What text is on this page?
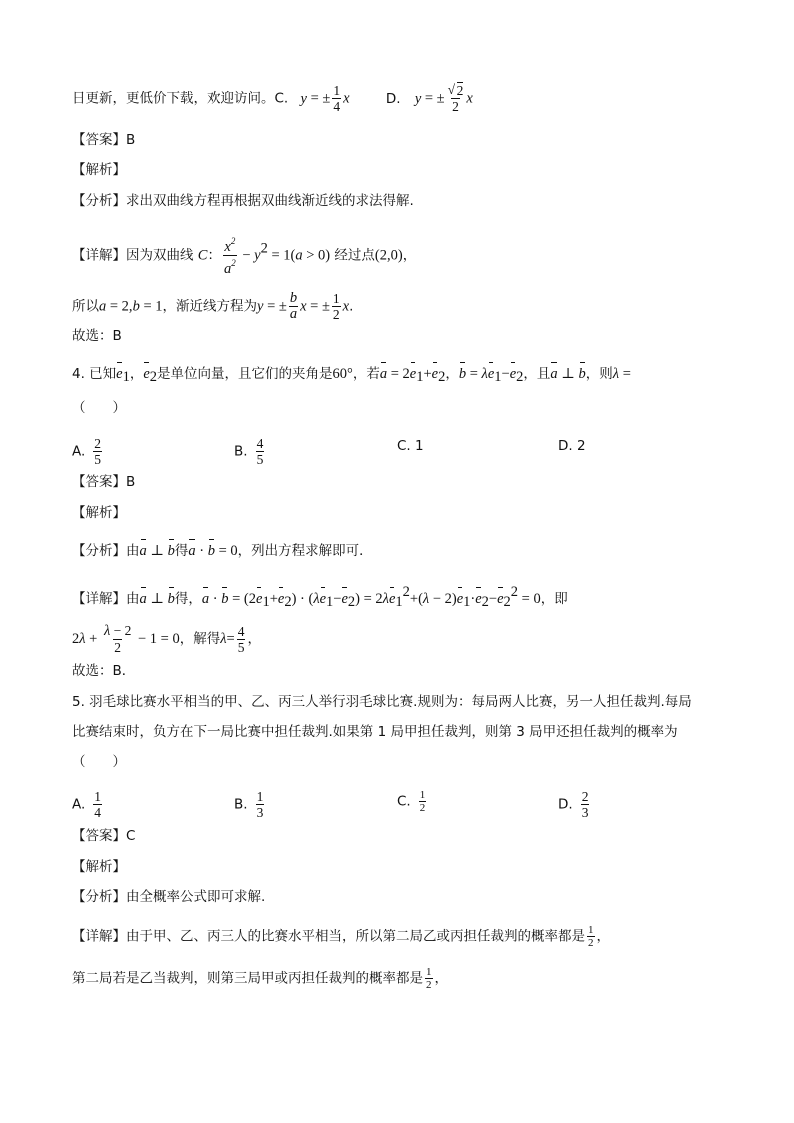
日更新，更低价下载，欢迎访问。C. y = ± $\frac{1}{4}$ x	D. y = ±
√ $\frac{2}{2}$ x
【答案】B
【解析】
【分析】求出双曲线方程再根据双曲线渐近线的求法得解.
【详解】因为双曲线 C： $\frac{x^2}{a^2} - y^2 = 1(a > 0)$ 经过点(2,0)，
所以a = 2,b = 1，渐近线方程为y = ± $\frac{b}{a}$ x = ± $\frac{1}{2} x$.
故选：B
4. 已知$e_1$，$e_2$是单位向量，且它们的夹角是60°，若$a = 2e_1+e_2$，$b = \lambda e_1-e_2$，且a ⊥ b，则λ =
（　　）
A. $\frac{2}{5}$	B. $\frac{4}{5}$	C. 1	D. 2
【答案】B
【解析】
【分析】由a ⊥ b得a · b = 0，列出方程求解即可．
【详解】由a ⊥ b得，$a \cdot b = (2e_1+e_2) \cdot (\lambda e_1-e_2) = 2\lambda e_1^2+(\lambda - 2)e_1\cdot e_2-e_2^2 = 0$，即
$2\lambda + \frac{\lambda - 2}{2} - 1 = 0$，解得$\lambda= \frac{4}{5}$ ，
故选：B．
5. 羽毛球比赛水平相当的甲、乙、丙三人举行羽毛球比赛.规则为：每局两人比赛，另一人担任裁判.每局
比赛结束时，负方在下一局比赛中担任裁判.如果第 1 局甲担任裁判，则第 3 局甲还担任裁判的概率为
（　　）
A. $\frac{1}{4}$	B. $\frac{1}{3}$	C. $\frac{1}{2}$	D. $\frac{2}{3}$
【答案】C
【解析】
【分析】由全概率公式即可求解.
【详解】由于甲、乙、丙三人的比赛水平相当，所以第二局乙或丙担任裁判的概率都是 $\frac{1}{2}$ ，
第二局若是乙当裁判，则第三局甲或丙担任裁判的概率都是 $\frac{1}{2}$ ，
